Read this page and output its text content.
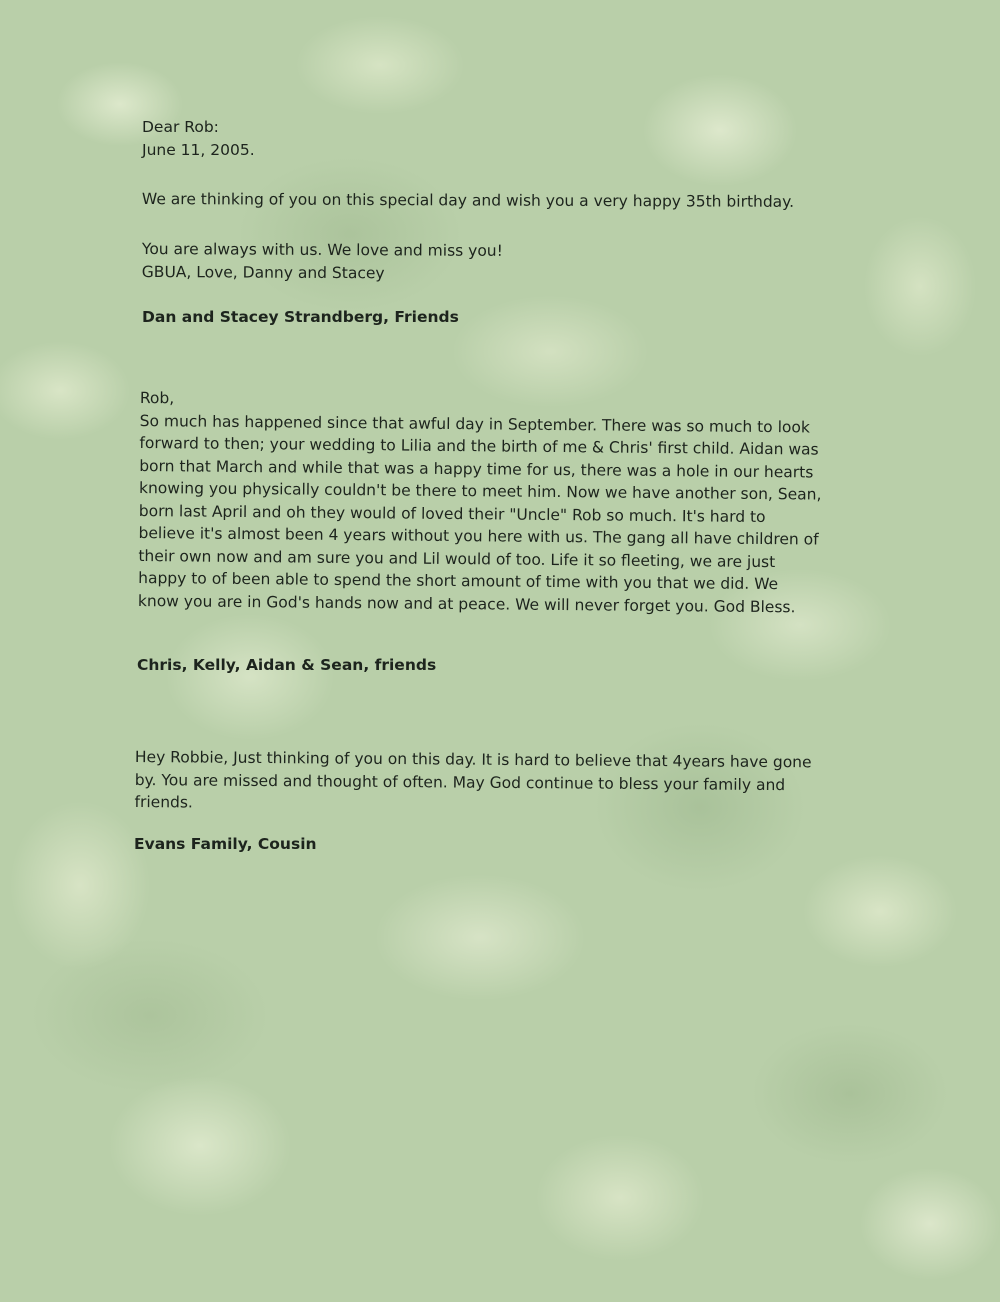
Dear Rob:
June 11, 2005.
We are thinking of you on this special day and wish you a very happy 35th birthday.
You are always with us. We love and miss you!
GBUA, Love, Danny and Stacey
Dan and Stacey Strandberg, Friends
Rob,
So much has happened since that awful day in September. There was so much to look
forward to then; your wedding to Lilia and the birth of me & Chris' first child. Aidan was
born that March and while that was a happy time for us, there was a hole in our hearts
knowing you physically couldn't be there to meet him. Now we have another son, Sean,
born last April and oh they would of loved their "Uncle" Rob so much. It's hard to
believe it's almost been 4 years without you here with us. The gang all have children of
their own now and am sure you and Lil would of too. Life it so fleeting, we are just
happy to of been able to spend the short amount of time with you that we did. We
know you are in God's hands now and at peace. We will never forget you. God Bless.
Chris, Kelly, Aidan & Sean, friends
Hey Robbie, Just thinking of you on this day. It is hard to believe that 4years have gone
by. You are missed and thought of often. May God continue to bless your family and
friends.
Evans Family, Cousin
